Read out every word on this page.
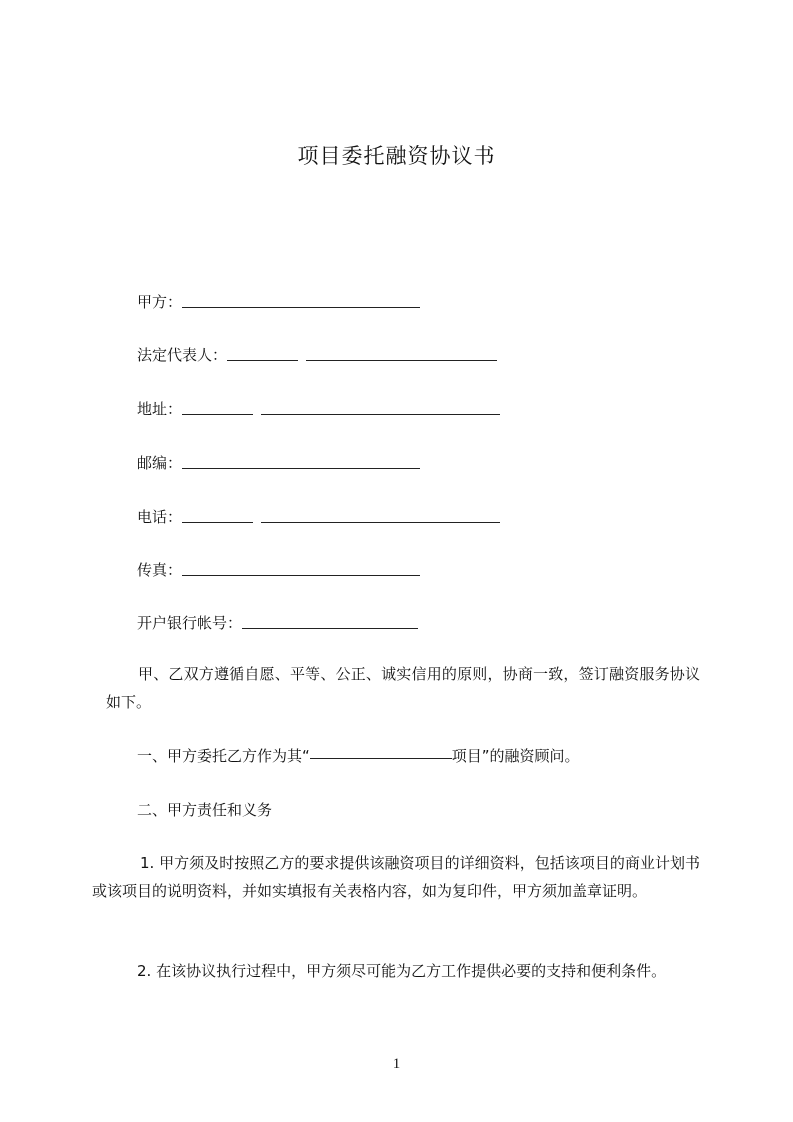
项目委托融资协议书
甲方：
法定代表人：
地址：
邮编：
电话：
传真：
开户银行帐号：
甲、乙双方遵循自愿、平等、公正、诚实信用的原则，协商一致，签订融资服务协议如下。
一、甲方委托乙方作为其“	项目”的融资顾问。
二、甲方责任和义务
1. 甲方须及时按照乙方的要求提供该融资项目的详细资料，包括该项目的商业计划书或该项目的说明资料，并如实填报有关表格内容，如为复印件，甲方须加盖章证明。
2. 在该协议执行过程中，甲方须尽可能为乙方工作提供必要的支持和便利条件。
1
